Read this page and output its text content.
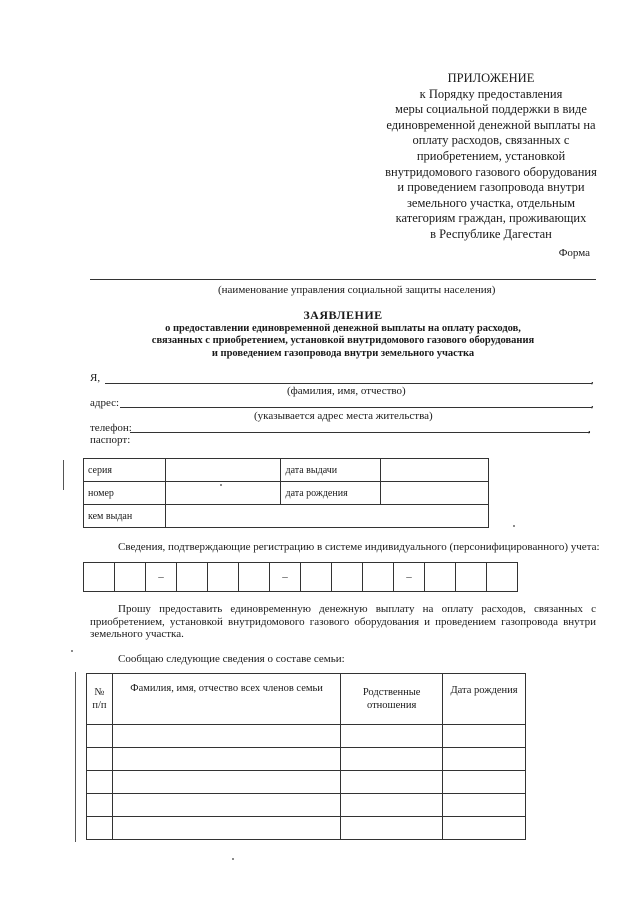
ПРИЛОЖЕНИЕ
к Порядку предоставления
меры социальной поддержки в виде
единовременной денежной выплаты на
оплату расходов, связанных с
приобретением, установкой
внутридомового газового оборудования
и проведением газопровода внутри
земельного участка, отдельным
категориям граждан, проживающих
в Республике Дагестан
Форма
(наименование управления социальной защиты населения)
ЗАЯВЛЕНИЕ
о предоставлении единовременной денежной выплаты на оплату расходов,
связанных с приобретением, установкой внутридомового газового оборудования
и проведением газопровода внутри земельного участка
Я,	,
(фамилия, имя, отчество)
адрес:	,
(указывается адрес места жительства)
телефон:	,
паспорт:
серия		дата выдачи	
номер		дата рождения	
кем выдан			
Сведения, подтверждающие регистрацию в системе индивидуального (персонифицированного) учета:
–	–	–
Прошу предоставить единовременную денежную выплату на оплату расходов, связанных с приобретением, установкой внутридомового газового оборудования и проведением газопровода внутри земельного участка.
Сообщаю следующие сведения о составе семьи:
№ п/п	Фамилия, имя, отчество всех членов семьи	Родственные отношения	Дата рождения
